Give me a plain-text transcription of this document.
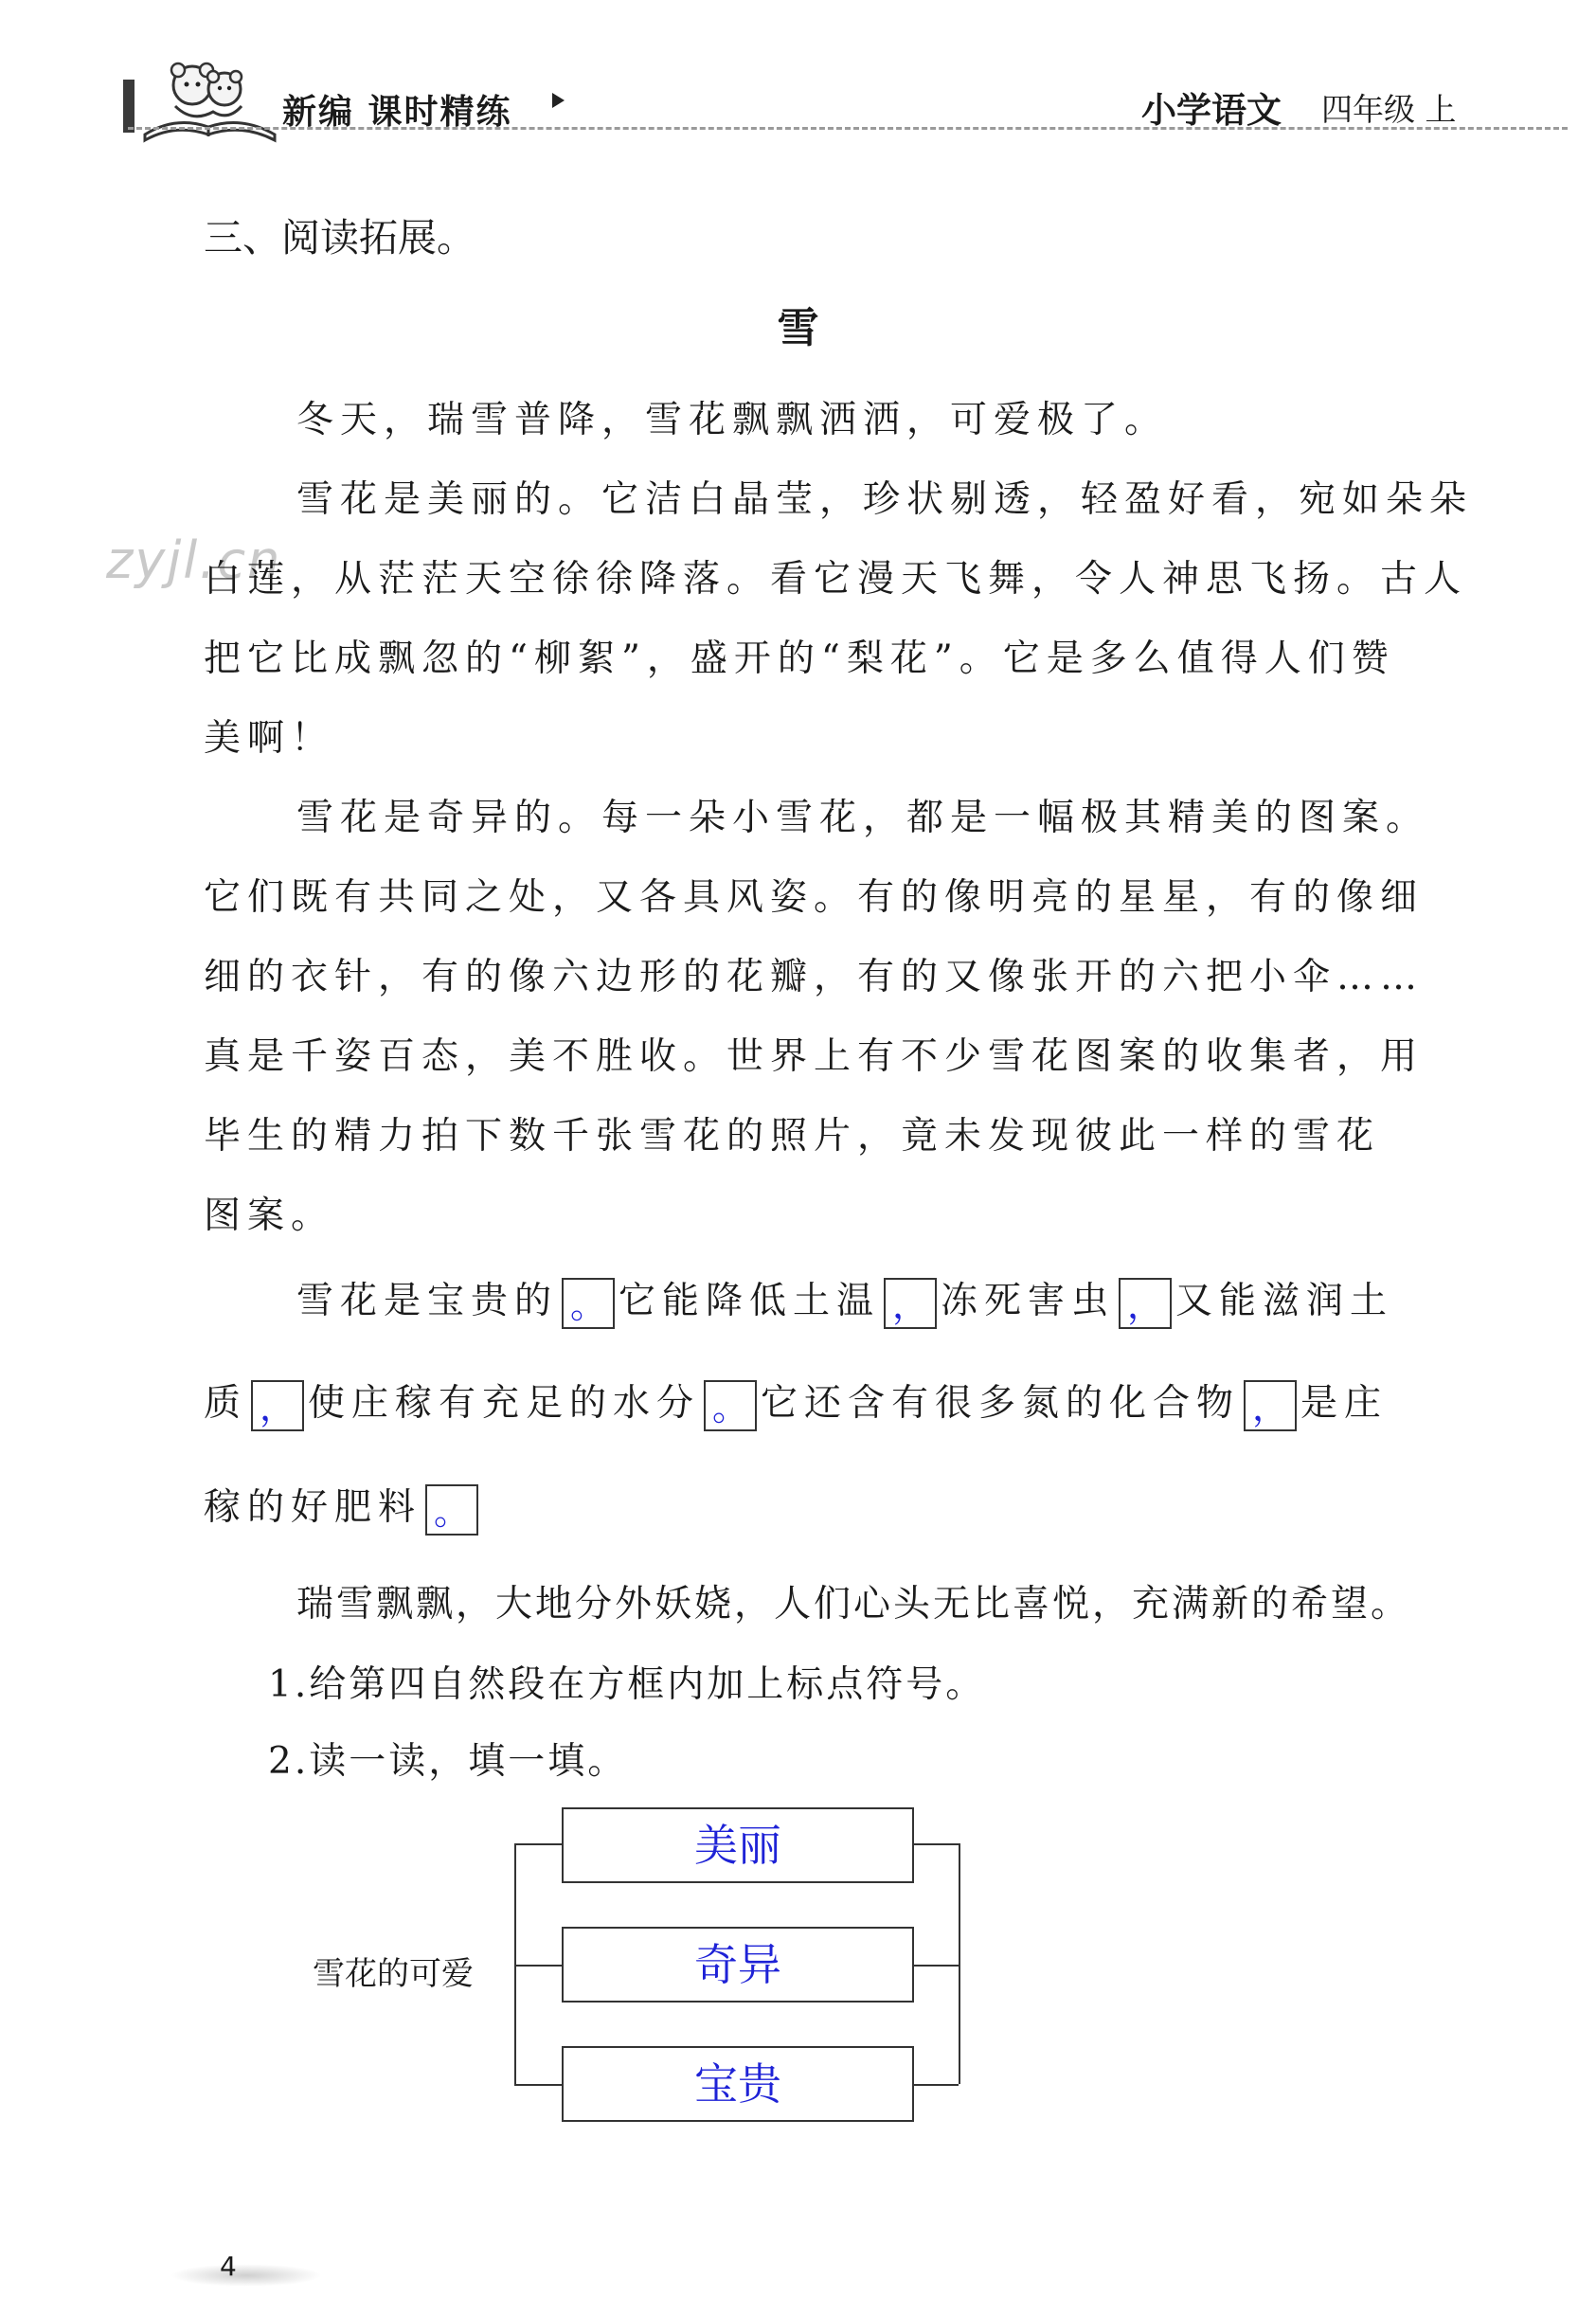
新编 课时精练	小学语文 四年级 上
三、阅读拓展。
雪
zyjl.cn
冬天，瑞雪普降，雪花飘飘洒洒，可爱极了。
雪花是美丽的。它洁白晶莹，珍状剔透，轻盈好看，宛如朵朵
白莲，从茫茫天空徐徐降落。看它漫天飞舞，令人神思飞扬。古人
把它比成飘忽的“柳絮”，盛开的“梨花”。它是多么值得人们赞
美啊！
雪花是奇异的。每一朵小雪花，都是一幅极其精美的图案。
它们既有共同之处，又各具风姿。有的像明亮的星星，有的像细
细的衣针，有的像六边形的花瓣，有的又像张开的六把小伞……
真是千姿百态，美不胜收。世界上有不少雪花图案的收集者，用
毕生的精力拍下数千张雪花的照片，竟未发现彼此一样的雪花
图案。
雪花是宝贵的 。 它能降低土温 ， 冻死害虫 ， 又能滋润土
质 ， 使庄稼有充足的水分 。 它还含有很多氮的化合物 ， 是庄
稼的好肥料 。
瑞雪飘飘，大地分外妖娆，人们心头无比喜悦，充满新的希望。
1.给第四自然段在方框内加上标点符号。
2.读一读，填一填。
雪花的可爱
美丽
奇异
宝贵
4
